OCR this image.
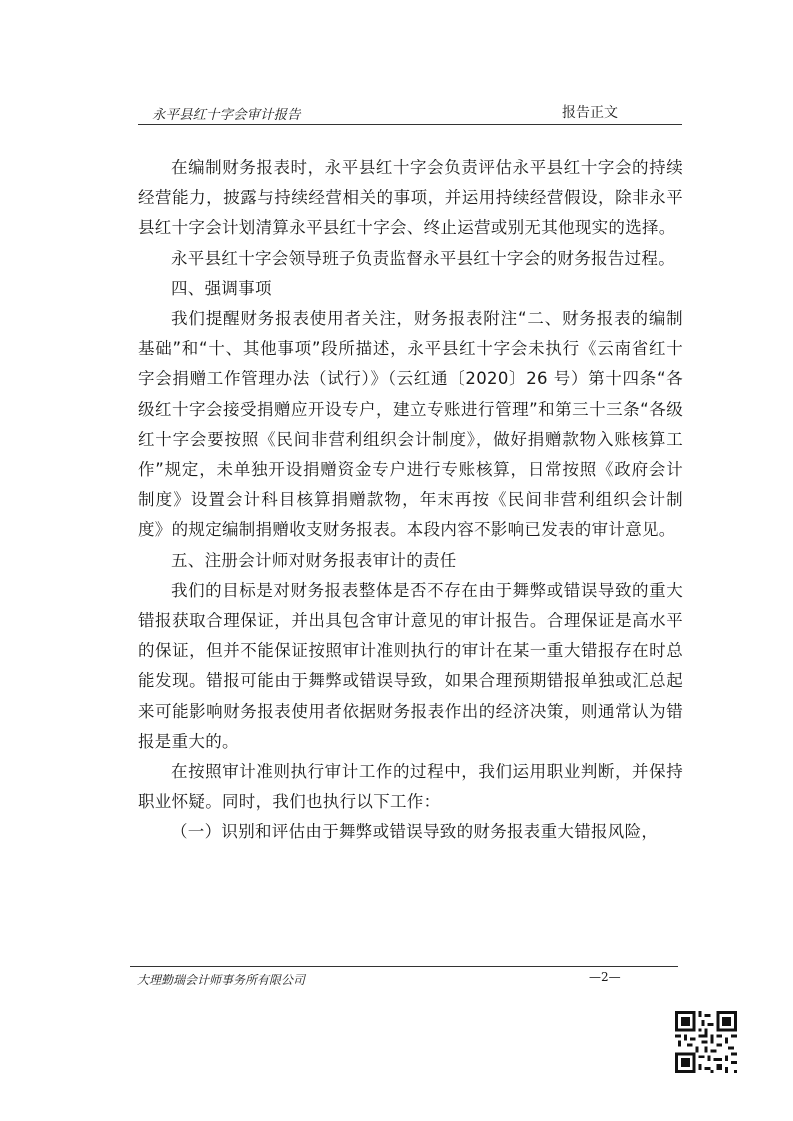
永平县红十字会审计报告	报告正文

在编制财务报表时，永平县红十字会负责评估永平县红十字会的持续经营能力，披露与持续经营相关的事项，并运用持续经营假设，除非永平县红十字会计划清算永平县红十字会、终止运营或别无其他现实的选择。

永平县红十字会领导班子负责监督永平县红十字会的财务报告过程。

四、强调事项

我们提醒财务报表使用者关注，财务报表附注“二、财务报表的编制基础”和“十、其他事项”段所描述，永平县红十字会未执行《云南省红十字会捐赠工作管理办法（试行）》（云红通〔2020〕26 号）第十四条“各级红十字会接受捐赠应开设专户，建立专账进行管理”和第三十三条“各级红十字会要按照《民间非营利组织会计制度》，做好捐赠款物入账核算工作”规定，未单独开设捐赠资金专户进行专账核算，日常按照《政府会计制度》设置会计科目核算捐赠款物，年末再按《民间非营利组织会计制度》的规定编制捐赠收支财务报表。本段内容不影响已发表的审计意见。

五、注册会计师对财务报表审计的责任

我们的目标是对财务报表整体是否不存在由于舞弊或错误导致的重大错报获取合理保证，并出具包含审计意见的审计报告。合理保证是高水平的保证，但并不能保证按照审计准则执行的审计在某一重大错报存在时总能发现。错报可能由于舞弊或错误导致，如果合理预期错报单独或汇总起来可能影响财务报表使用者依据财务报表作出的经济决策，则通常认为错报是重大的。

在按照审计准则执行审计工作的过程中，我们运用职业判断，并保持职业怀疑。同时，我们也执行以下工作：

（一）识别和评估由于舞弊或错误导致的财务报表重大错报风险，

大理勤瑞会计师事务所有限公司	—2—
